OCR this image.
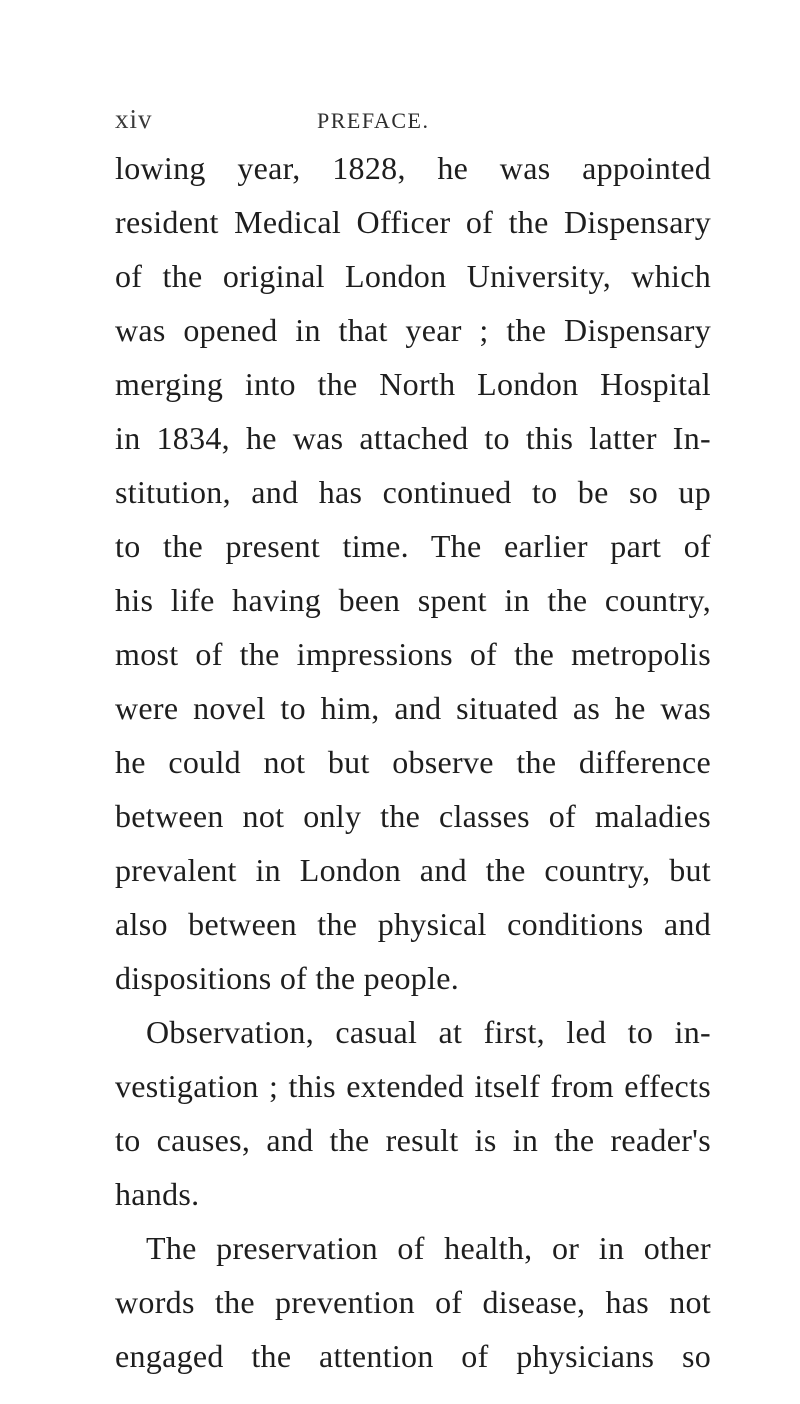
xiv	PREFACE.
lowing year, 1828, he was appointed
resident Medical Officer of the Dispensary
of the original London University, which
was opened in that year ; the Dispensary
merging into the North London Hospital
in 1834, he was attached to this latter In-
stitution, and has continued to be so up
to the present time. The earlier part of
his life having been spent in the country,
most of the impressions of the metropolis
were novel to him, and situated as he was
he could not but observe the difference
between not only the classes of maladies
prevalent in London and the country, but
also between the physical conditions and
dispositions of the people.
Observation, casual at first, led to in-
vestigation ; this extended itself from effects
to causes, and the result is in the reader's
hands.
The preservation of health, or in other
words the prevention of disease, has not
engaged the attention of physicians so
